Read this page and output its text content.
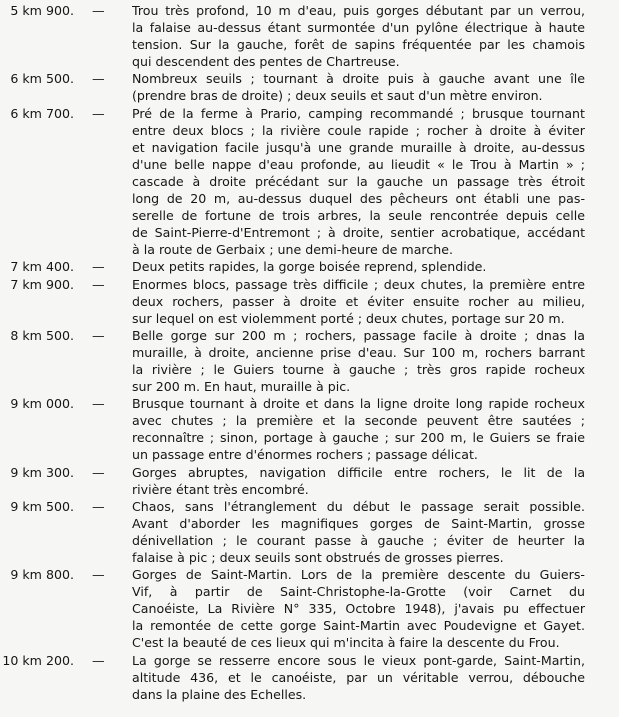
5 km 900. — Trou très profond, 10 m d'eau, puis gorges débutant par un verrou,
la falaise au-dessus étant surmontée d'un pylône électrique à haute
tension. Sur la gauche, forêt de sapins fréquentée par les chamois
qui descendent des pentes de Chartreuse.
6 km 500. — Nombreux seuils ; tournant à droite puis à gauche avant une île
(prendre bras de droite) ; deux seuils et saut d'un mètre environ.
6 km 700. — Pré de la ferme à Prario, camping recommandé ; brusque tournant
entre deux blocs ; la rivière coule rapide ; rocher à droite à éviter
et navigation facile jusqu'à une grande muraille à droite, au-dessus
d'une belle nappe d'eau profonde, au lieudit « le Trou à Martin » ;
cascade à droite précédant sur la gauche un passage très étroit
long de 20 m, au-dessus duquel des pêcheurs ont établi une pas-
serelle de fortune de trois arbres, la seule rencontrée depuis celle
de Saint-Pierre-d'Entremont ; à droite, sentier acrobatique, accédant
à la route de Gerbaix ; une demi-heure de marche.
7 km 400. — Deux petits rapides, la gorge boisée reprend, splendide.
7 km 900. — Enormes blocs, passage très difficile ; deux chutes, la première entre
deux rochers, passer à droite et éviter ensuite rocher au milieu,
sur lequel on est violemment porté ; deux chutes, portage sur 20 m.
8 km 500. — Belle gorge sur 200 m ; rochers, passage facile à droite ; dnas la
muraille, à droite, ancienne prise d'eau. Sur 100 m, rochers barrant
la rivière ; le Guiers tourne à gauche ; très gros rapide rocheux
sur 200 m. En haut, muraille à pic.
9 km 000. — Brusque tournant à droite et dans la ligne droite long rapide rocheux
avec chutes ; la première et la seconde peuvent être sautées ;
reconnaître ; sinon, portage à gauche ; sur 200 m, le Guiers se fraie
un passage entre d'énormes rochers ; passage délicat.
9 km 300. — Gorges abruptes, navigation difficile entre rochers, le lit de la
rivière étant très encombré.
9 km 500. — Chaos, sans l'étranglement du début le passage serait possible.
Avant d'aborder les magnifiques gorges de Saint-Martin, grosse
dénivellation ; le courant passe à gauche ; éviter de heurter la
falaise à pic ; deux seuils sont obstrués de grosses pierres.
9 km 800. — Gorges de Saint-Martin. Lors de la première descente du Guiers-
Vif, à partir de Saint-Christophe-la-Grotte (voir Carnet du
Canoéiste, La Rivière N° 335, Octobre 1948), j'avais pu effectuer
la remontée de cette gorge Saint-Martin avec Poudevigne et Gayet.
C'est la beauté de ces lieux qui m'incita à faire la descente du Frou.
10 km 200. — La gorge se resserre encore sous le vieux pont-garde, Saint-Martin,
altitude 436, et le canoéiste, par un véritable verrou, débouche
dans la plaine des Echelles.
